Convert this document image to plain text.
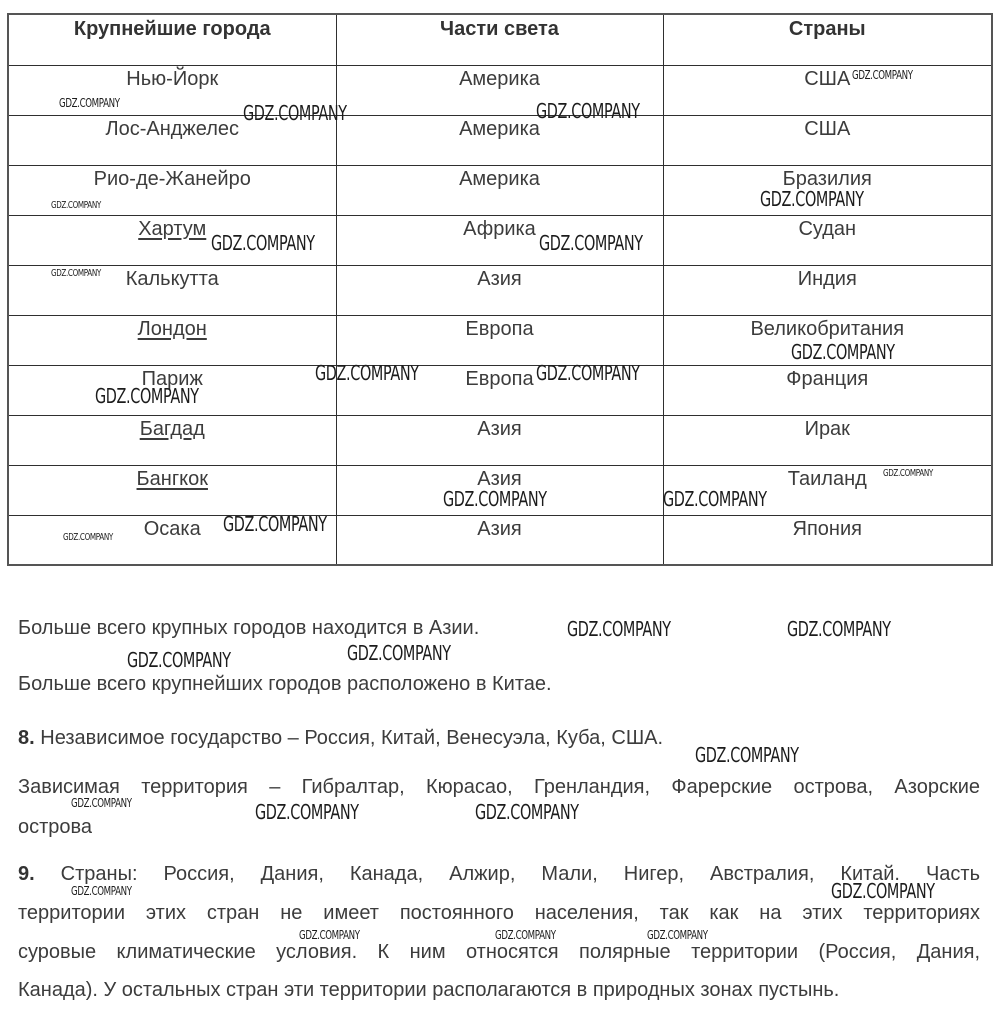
Крупнейшие города	Части света	Страны
Нью-Йорк	Америка	США
Лос-Анджелес	Америка	США
Рио-де-Жанейро	Америка	Бразилия
Хартум	Африка	Судан
Калькутта	Азия	Индия
Лондон	Европа	Великобритания
Париж	Европа	Франция
Багдад	Азия	Ирак
Бангкок	Азия	Таиланд
Осака	Азия	Япония
Больше всего крупных городов находится в Азии.
Больше всего крупнейших городов расположено в Китае.
8. Независимое государство – Россия, Китай, Венесуэла, Куба, США.
Зависимая территория – Гибралтар, Кюрасао, Гренландия, Фарерские острова, Азорские
острова
9. Страны: Россия, Дания, Канада, Алжир, Мали, Нигер, Австралия, Китай. Часть
территории этих стран не имеет постоянного населения, так как на этих территориях
суровые климатические условия. К ним относятся полярные территории (Россия, Дания,
Канада). У остальных стран эти территории располагаются в природных зонах пустынь.
GDZ.COMPANY	GDZ.COMPANY	GDZ.COMPANY
GDZ.COMPANY
GDZ.COMPANY	GDZ.COMPANY
GDZ.COMPANY	GDZ.COMPANY
GDZ.COMPANY
GDZ.COMPANY
GDZ.COMPANY	GDZ.COMPANY
GDZ.COMPANY
GDZ.COMPANY
GDZ.COMPANY	GDZ.COMPANY
GDZ.COMPANY
GDZ.COMPANY
GDZ.COMPANY	GDZ.COMPANY
GDZ.COMPANY
GDZ.COMPANY
GDZ.COMPANY
GDZ.COMPANY	GDZ.COMPANY	GDZ.COMPANY
GDZ.COMPANY	GDZ.COMPANY
GDZ.COMPANY	GDZ.COMPANY	GDZ.COMPANY
